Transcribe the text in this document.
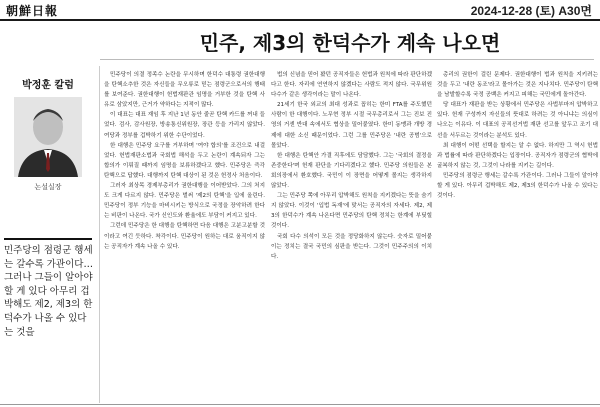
朝鮮日報	2024-12-28 (토) A30면
민주, 제3의 한덕수가 계속 나오면
박정훈 칼럼
논설실장
민주당의 점령군 행세는 갈수록 가관이다… 그러나 그들이 알아야 할 게 있다 아무리 겁박해도 제2, 제3의 한덕수가 나올 수 있다는 것을

민주당이 의결 정족수 논란을 무시하며 한덕수 대통령 권한대행을 탄핵소추한 것은 자신들을 무오류로 믿는 점령군으로서의 행태를 보여준다. 권한대행이 헌법재판관 임명을 거부한 것을 탄핵 사유로 삼았지만, 근거가 약하다는 지적이 많다.

이 대표는 대표 재임 후 지난 1년 동안 줄곧 탄핵 카드를 꺼내 들었다. 검사, 감사원장, 방송통신위원장, 장관 등을 가리지 않았다. 여당과 정부를 겁박하기 위한 수단이었다.

한 대행은 민주당 요구를 거부하며 '여야 합의'를 조건으로 내걸었다. 헌법재판소법과 국회법 해석을 두고 논란이 계속되자 그는 합의가 이뤄질 때까지 임명을 보류하겠다고 했다. 민주당은 즉각 탄핵으로 답했다. 대행까지 탄핵 대상이 된 것은 헌정사 처음이다.

그러자 최상목 경제부총리가 권한대행을 이어받았다. 그의 처지도 크게 다르지 않다. 민주당은 벌써 '제2의 탄핵'을 입에 올린다. 민주당이 정부 기능을 마비시키는 방식으로 국정을 장악하려 한다는 비판이 나온다. 국가 신인도와 환율에도 부담이 커지고 있다.

그런데 민주당은 한 대행을 탄핵하면 다음 대행은 고분고분할 것이라고 여긴 듯하다. 착각이다. 민주당이 원하는 대로 움직이지 않는 공직자가 계속 나올 수 있다.

법의 신념을 믿어 봤던 공직자들은 헌법과 원칙에 따라 판단하겠다고 한다. 자리에 연연하지 않겠다는 사람도 적지 않다. 국무위원 다수가 같은 생각이라는 말이 나온다.

21세기 한국 외교의 최대 성과로 꼽히는 한미 FTA를 주도했던 사람이 한 대행이다. 노무현 정부 시절 국무총리로서 그는 진보 진영의 거센 반대 속에서도 협상을 밀어붙였다. 한미 동맹과 개방 경제에 대한 소신 때문이었다. 그런 그를 민주당은 '내란 공범'으로 몰았다.

한 대행은 탄핵안 가결 직후에도 담담했다. 그는 '국회의 결정을 존중한다'며 헌재 판단을 기다리겠다고 했다. 민주당 의원들은 본회의장에서 환호했다. 국민이 이 장면을 어떻게 볼지는 생각하지 않았다.

그는 민주당 쪽에 아무리 압박해도 원칙을 지키겠다는 뜻을 숨기지 않았다. 이것이 '입법 독재'에 맞서는 공직자의 자세다. 제2, 제3의 한덕수가 계속 나온다면 민주당의 탄핵 정치는 한계에 부딪힐 것이다.

국회 다수 의석이 모든 것을 정당화하지 않는다. 숫자로 밀어붙이는 정치는 결국 국민의 심판을 받는다. 그것이 민주주의의 이치다.

총리의 권한이 걸린 문제다. 권한대행이 법과 원칙을 지키려는 것을 두고 '내란 동조'라고 몰아가는 것은 지나치다. 민주당이 탄핵을 남발할수록 국정 공백은 커지고 피해는 국민에게 돌아간다.

당 대표가 재판을 받는 상황에서 민주당은 사법부마저 압박하고 있다. 헌재 구성까지 자신들의 뜻대로 하려는 것 아니냐는 의심이 나오는 이유다. 이 대표의 공직선거법 재판 선고를 앞두고 조기 대선을 서두르는 것이라는 분석도 있다.

최 대행이 어떤 선택을 할지는 알 수 없다. 하지만 그 역시 헌법과 법률에 따라 판단하겠다는 입장이다. 공직자가 점령군의 협박에 굴복하지 않는 것, 그것이 나라를 지키는 길이다.

민주당의 점령군 행세는 갈수록 가관이다. 그러나 그들이 알아야 할 게 있다. 아무리 겁박해도 제2, 제3의 한덕수가 나올 수 있다는 것이다.
